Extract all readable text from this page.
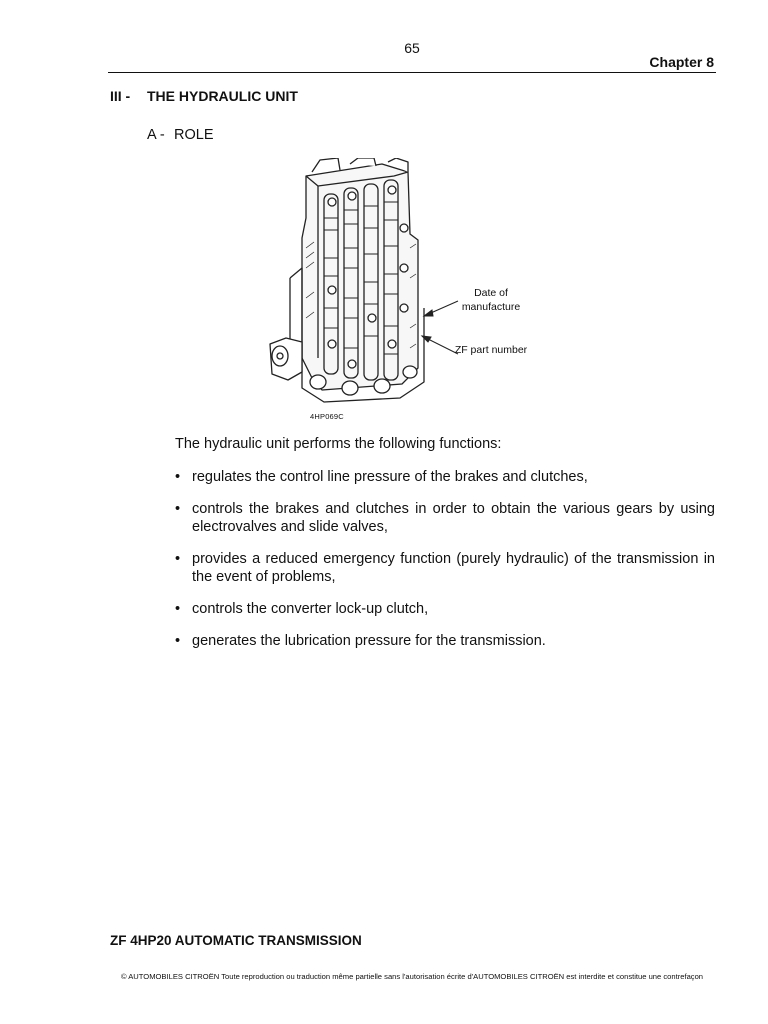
65
Chapter 8
III - THE HYDRAULIC UNIT
A - ROLE
Date of manufacture
ZF part number
4HP069C
The hydraulic unit performs the following functions:
• regulates the control line pressure of the brakes and clutches,
• controls the brakes and clutches in order to obtain the various gears by using electrovalves and slide valves,
• provides a reduced emergency function (purely hydraulic) of the transmission in the event of problems,
• controls the converter lock-up clutch,
• generates the lubrication pressure for the transmission.
ZF 4HP20 AUTOMATIC TRANSMISSION
© AUTOMOBILES CITROËN Toute reproduction ou traduction même partielle sans l'autorisation écrite d'AUTOMOBILES CITROËN est interdite et constitue une contrefaçon
